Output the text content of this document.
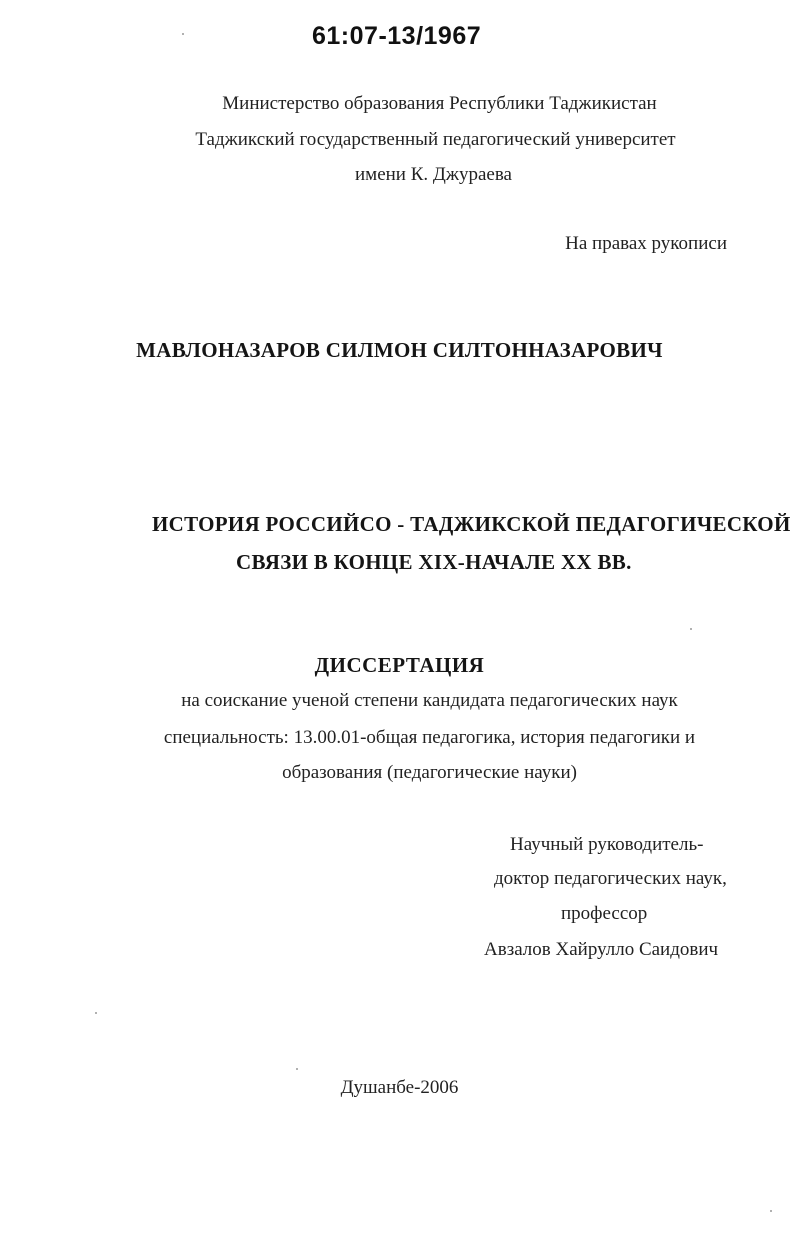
61:07-13/1967
Министерство образования Республики Таджикистан
Таджикский государственный педагогический университет
имени К. Джураева
На правах рукописи
МАВЛОНАЗАРОВ СИЛМОН СИЛТОННАЗАРОВИЧ
ИСТОРИЯ РОССИЙСО - ТАДЖИКСКОЙ ПЕДАГОГИЧЕСКОЙ
СВЯЗИ В КОНЦЕ XIX-НАЧАЛЕ XX ВВ.
ДИССЕРТАЦИЯ
на соискание ученой степени кандидата педагогических наук
специальность: 13.00.01-общая педагогика, история педагогики и
образования (педагогические науки)
Научный руководитель-
доктор педагогических наук,
профессор
Авзалов Хайрулло Саидович
Душанбе-2006
